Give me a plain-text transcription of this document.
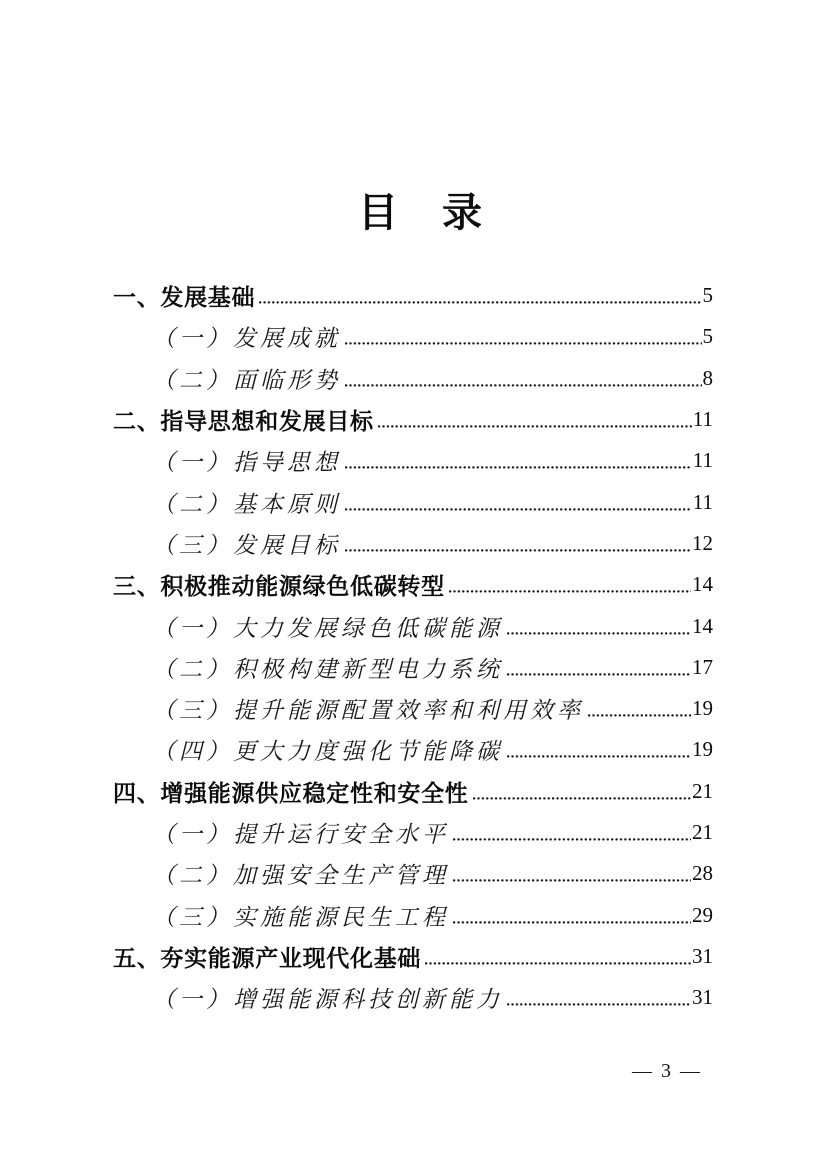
目　录
一、发展基础	5
（一）发展成就	5
（二）面临形势	8
二、指导思想和发展目标	11
（一）指导思想	11
（二）基本原则	11
（三）发展目标	12
三、积极推动能源绿色低碳转型	14
（一）大力发展绿色低碳能源	14
（二）积极构建新型电力系统	17
（三）提升能源配置效率和利用效率	19
（四）更大力度强化节能降碳	19
四、增强能源供应稳定性和安全性	21
（一）提升运行安全水平	21
（二）加强安全生产管理	28
（三）实施能源民生工程	29
五、夯实能源产业现代化基础	31
（一）增强能源科技创新能力	31

— 3 —
